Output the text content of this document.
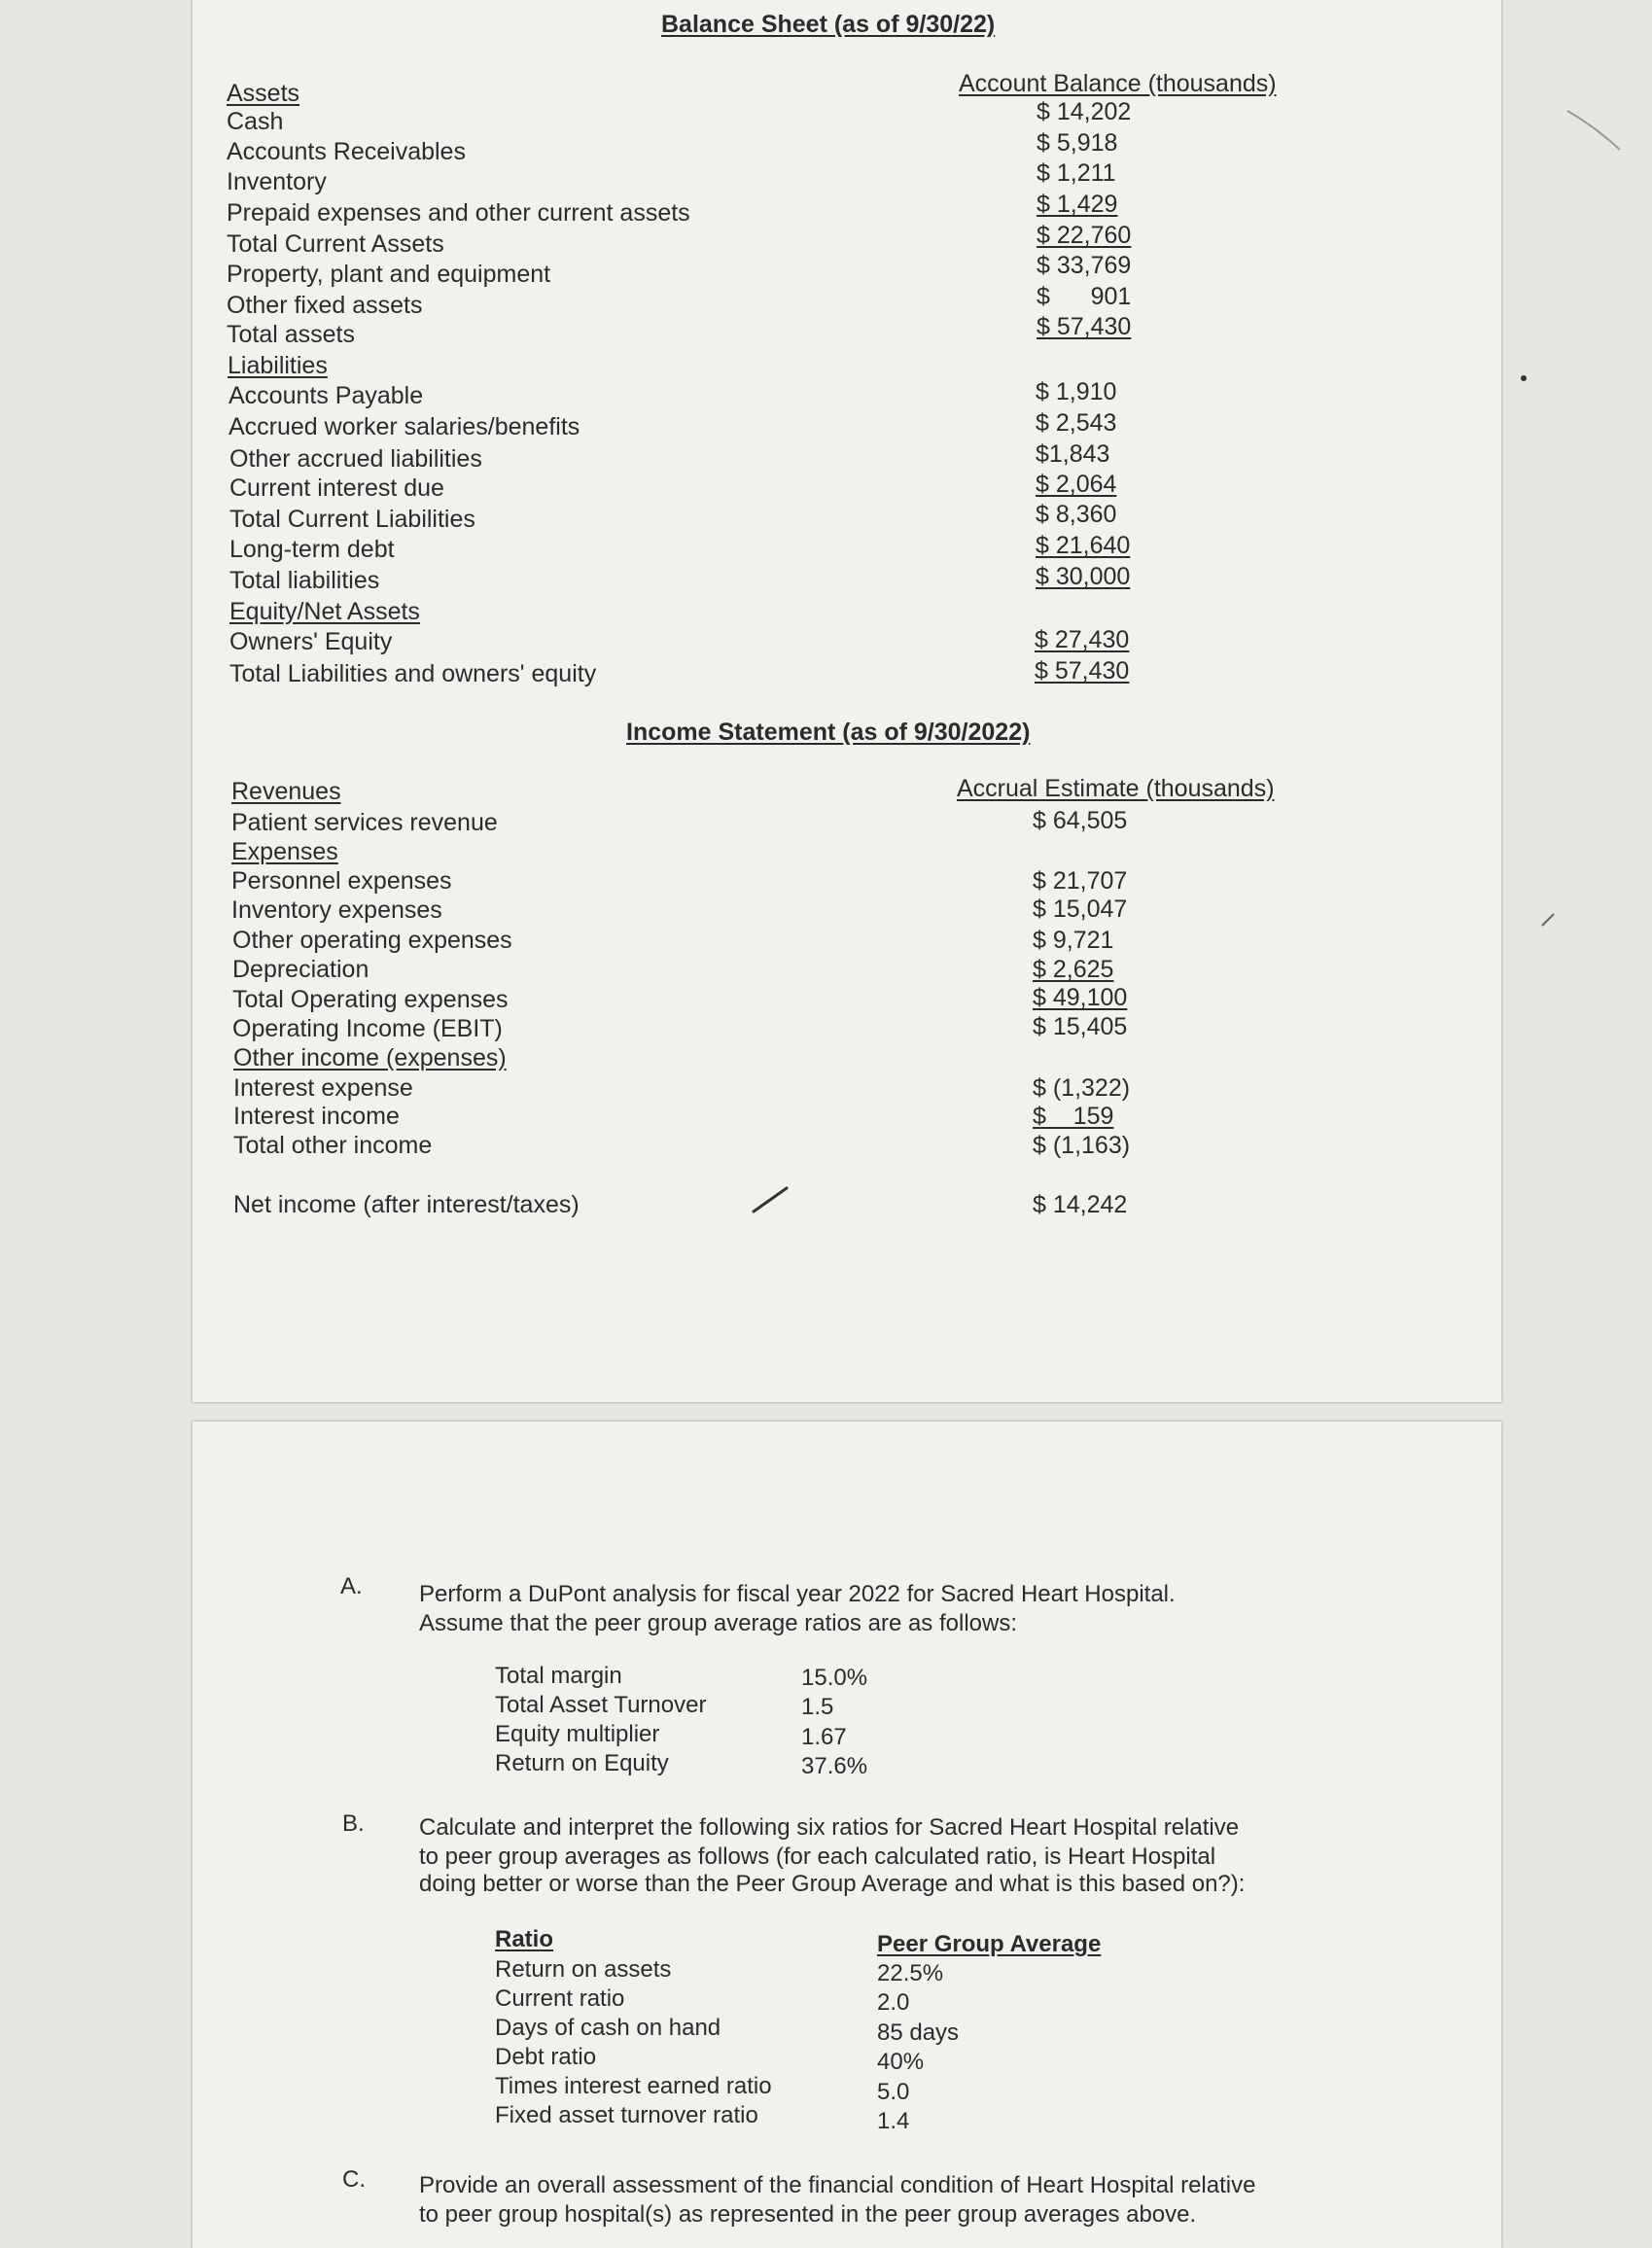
Balance Sheet (as of 9/30/22)
Assets	Account Balance (thousands)
Cash	$ 14,202
Accounts Receivables	$ 5,918
Inventory	$ 1,211
Prepaid expenses and other current assets	$ 1,429
Total Current Assets	$ 22,760
Property, plant and equipment	$ 33,769
Other fixed assets	$      901
Total assets	$ 57,430
Liabilities
Accounts Payable	$ 1,910
Accrued worker salaries/benefits	$ 2,543
Other accrued liabilities	$1,843
Current interest due	$ 2,064
Total Current Liabilities	$ 8,360
Long-term debt	$ 21,640
Total liabilities	$ 30,000
Equity/Net Assets
Owners' Equity	$ 27,430
Total Liabilities and owners' equity	$ 57,430
Income Statement (as of 9/30/2022)
Revenues	Accrual Estimate (thousands)
Patient services revenue	$ 64,505
Expenses
Personnel expenses	$ 21,707
Inventory expenses	$ 15,047
Other operating expenses	$ 9,721
Depreciation	$ 2,625
Total Operating expenses	$ 49,100
Operating Income (EBIT)	$ 15,405
Other income (expenses)
Interest expense	$ (1,322)
Interest income	$    159
Total other income	$ (1,163)
Net income (after interest/taxes)	$ 14,242
A. Perform a DuPont analysis for fiscal year 2022 for Sacred Heart Hospital.
Assume that the peer group average ratios are as follows:
Total margin	15.0%
Total Asset Turnover	1.5
Equity multiplier	1.67
Return on Equity	37.6%
B. Calculate and interpret the following six ratios for Sacred Heart Hospital relative
to peer group averages as follows (for each calculated ratio, is Heart Hospital
doing better or worse than the Peer Group Average and what is this based on?):
Ratio	Peer Group Average
Return on assets	22.5%
Current ratio	2.0
Days of cash on hand	85 days
Debt ratio	40%
Times interest earned ratio	5.0
Fixed asset turnover ratio	1.4
C. Provide an overall assessment of the financial condition of Heart Hospital relative
to peer group hospital(s) as represented in the peer group averages above.
